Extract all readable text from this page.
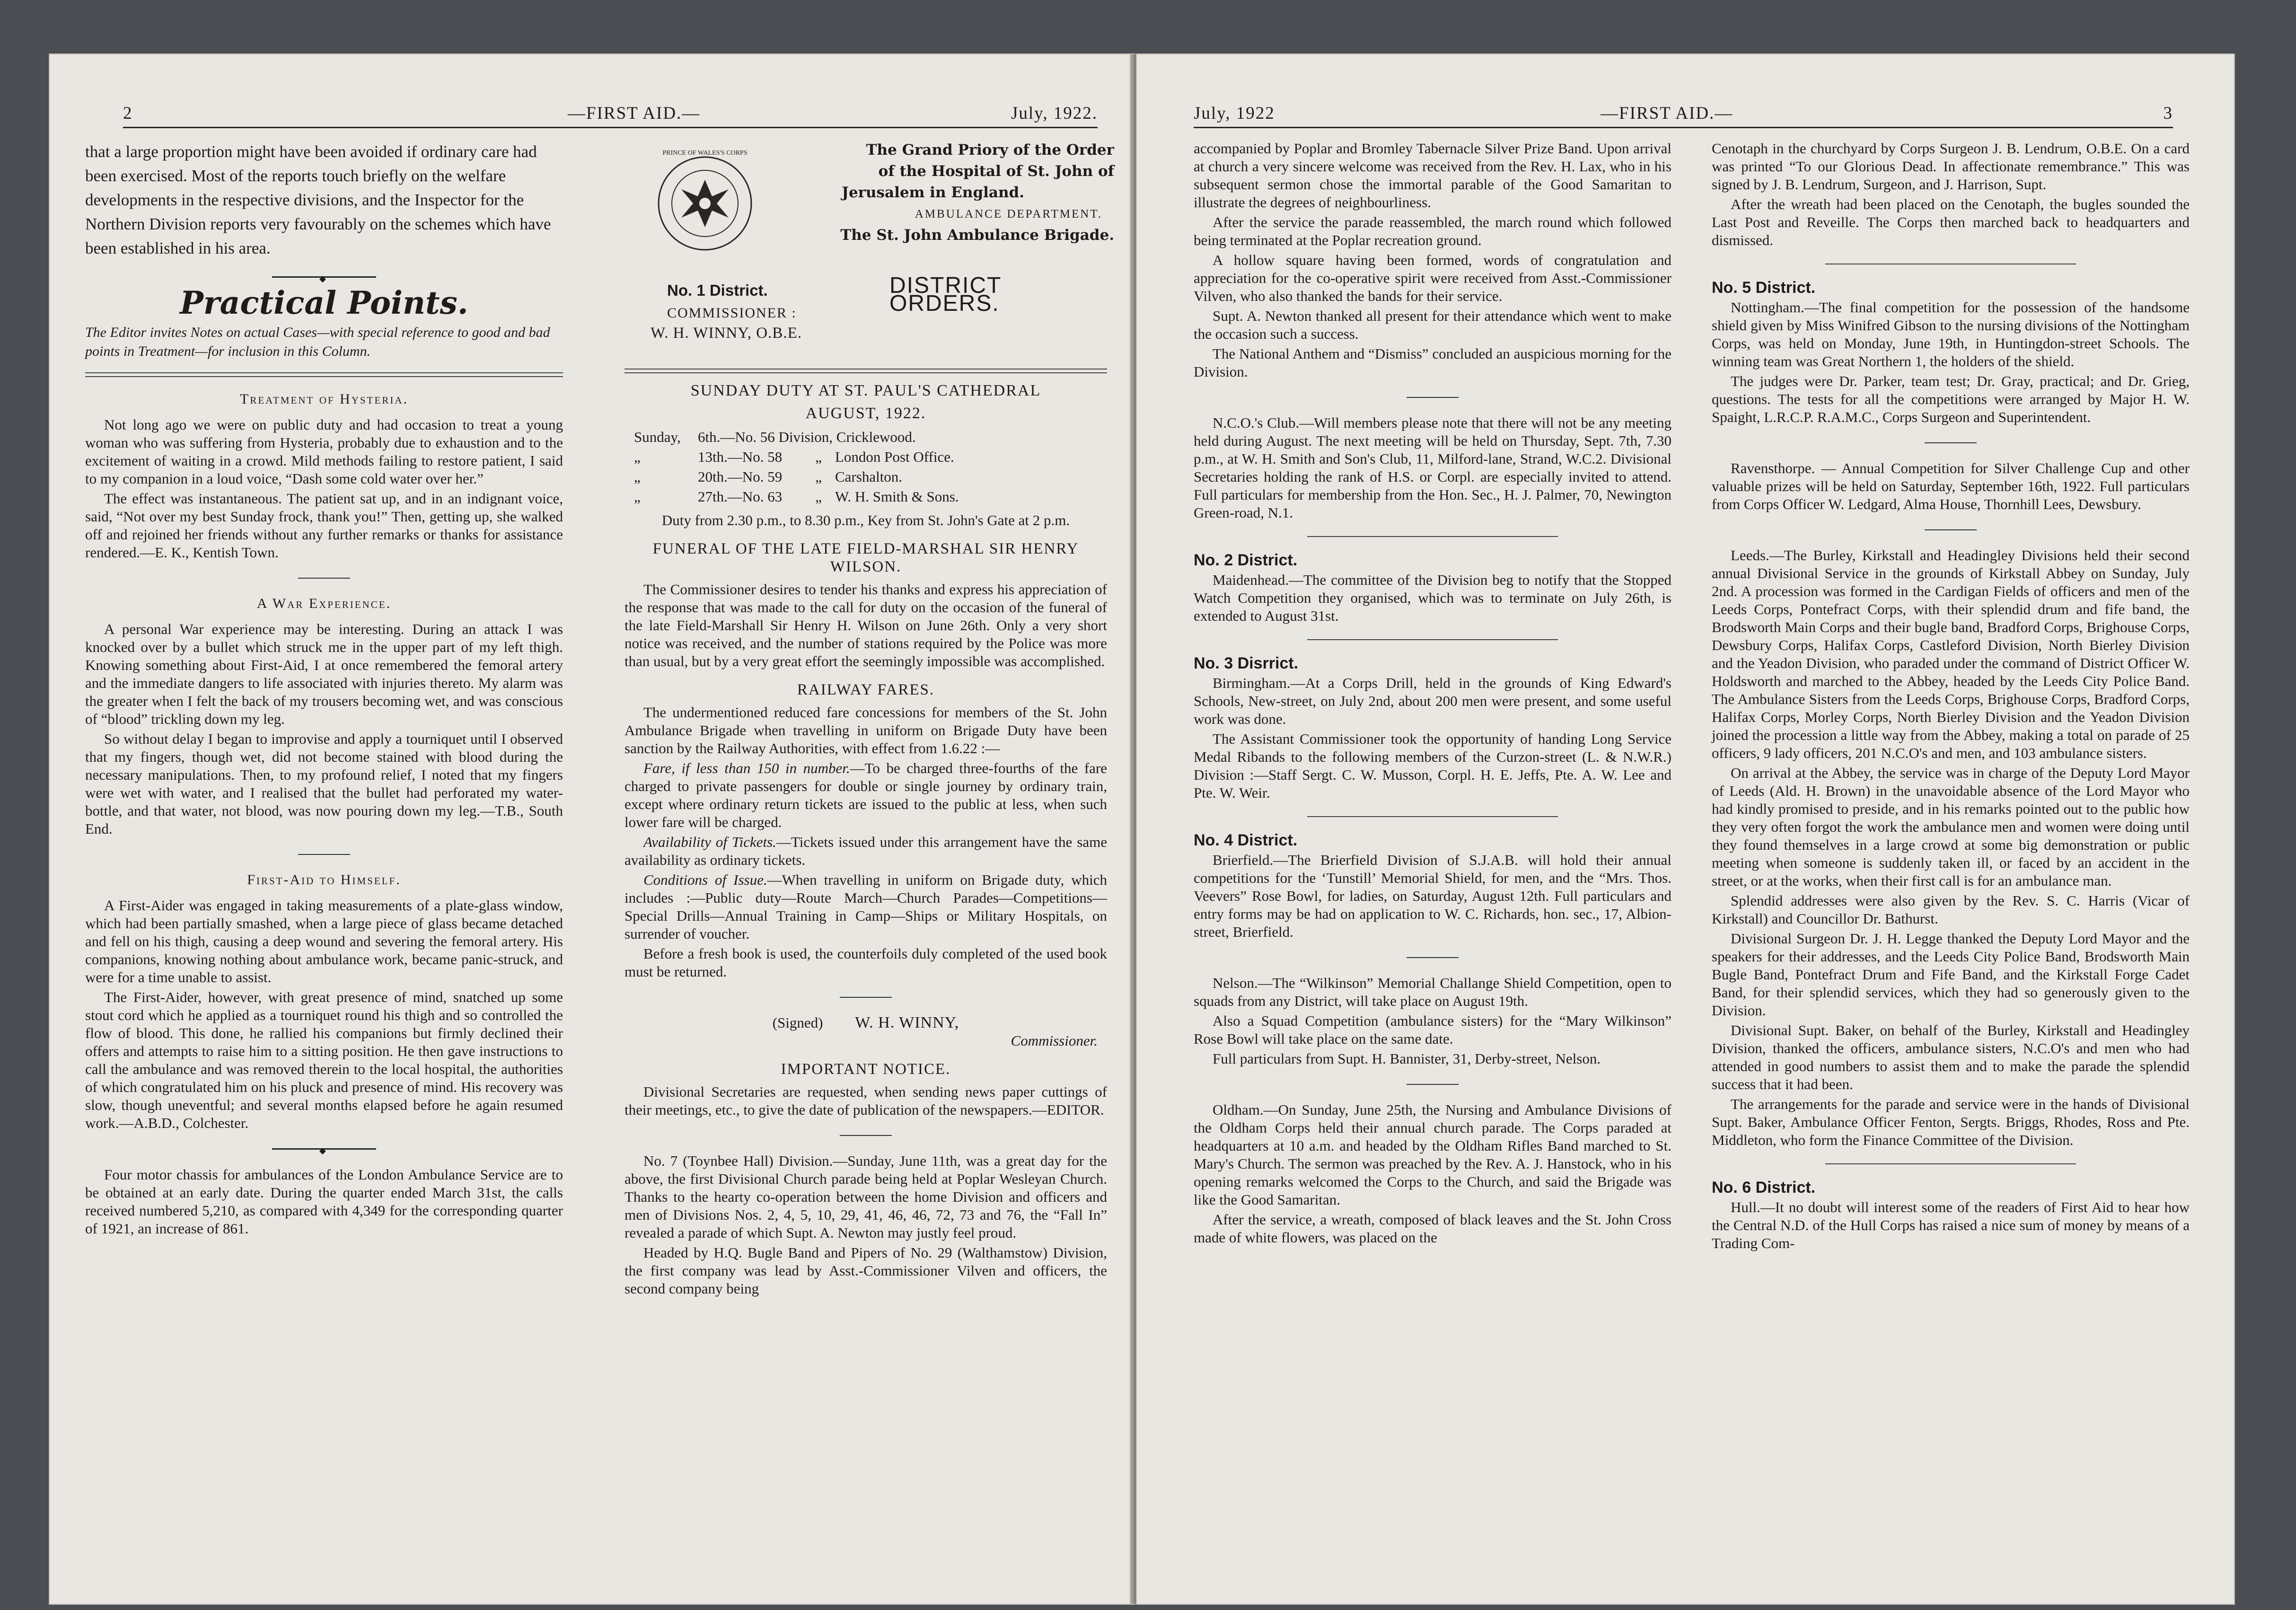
2	—FIRST AID.—	July, 1922.

that a large proportion might have been avoided if ordinary care had been exercised. Most of the reports touch briefly on the welfare developments in the respective divisions, and the Inspector for the Northern Division reports very favourably on the schemes which have been established in his area.

◆
Practical Points.

The Editor invites Notes on actual Cases—with special reference to good and bad points in Treatment—for inclusion in this Column.

Treatment of Hysteria.

Not long ago we were on public duty and had occasion to treat a young woman who was suffering from Hysteria, probably due to exhaustion and to the excitement of waiting in a crowd. Mild methods failing to restore patient, I said to my companion in a loud voice, “Dash some cold water over her.”

The effect was instantaneous. The patient sat up, and in an indignant voice, said, “Not over my best Sunday frock, thank you!” Then, getting up, she walked off and rejoined her friends without any further remarks or thanks for assistance rendered.—E. K., Kentish Town.

A War Experience.

A personal War experience may be interesting. During an attack I was knocked over by a bullet which struck me in the upper part of my left thigh. Knowing something about First-Aid, I at once remembered the femoral artery and the immediate dangers to life associated with injuries thereto. My alarm was the greater when I felt the back of my trousers becoming wet, and was conscious of “blood” trickling down my leg.

So without delay I began to improvise and apply a tourniquet until I observed that my fingers, though wet, did not become stained with blood during the necessary manipulations. Then, to my profound relief, I noted that my fingers were wet with water, and I realised that the bullet had perforated my water-bottle, and that water, not blood, was now pouring down my leg.—T.B., South End.

First-Aid to Himself.

A First-Aider was engaged in taking measurements of a plate-glass window, which had been partially smashed, when a large piece of glass became detached and fell on his thigh, causing a deep wound and severing the femoral artery. His companions, knowing nothing about ambulance work, became panic-struck, and were for a time unable to assist.

The First-Aider, however, with great presence of mind, snatched up some stout cord which he applied as a tourniquet round his thigh and so controlled the flow of blood. This done, he rallied his companions but firmly declined their offers and attempts to raise him to a sitting position. He then gave instructions to call the ambulance and was removed therein to the local hospital, the authorities of which congratulated him on his pluck and presence of mind. His recovery was slow, though uneventful; and several months elapsed before he again resumed work.—A.B.D., Colchester.

◆

Four motor chassis for ambulances of the London Ambulance Service are to be obtained at an early date. During the quarter ended March 31st, the calls received numbered 5,210, as compared with 4,349 for the corresponding quarter of 1921, an increase of 861.

PRINCE OF WALES'S CORPS	The Grand Priory of the Order
of the Hospital of St. John of
Jerusalem in England.
AMBULANCE DEPARTMENT.
The St. John Ambulance Brigade.
No. 1 District.	DISTRICT ORDERS.
COMMISSIONER :
W. H. WINNY, O.B.E.
SUNDAY DUTY AT ST. PAUL'S CATHEDRAL
AUGUST, 1922.
Sunday,	6th.—No. 56 Division, Cricklewood.
„	13th.—No. 58	„ London Post Office.
„	20th.—No. 59	„ Carshalton.
„	27th.—No. 63	„ W. H. Smith & Sons.

Duty from 2.30 p.m., to 8.30 p.m., Key from St. John's Gate at 2 p.m.

FUNERAL OF THE LATE FIELD-MARSHAL SIR HENRY WILSON.

The Commissioner desires to tender his thanks and express his appreciation of the response that was made to the call for duty on the occasion of the funeral of the late Field-Marshall Sir Henry H. Wilson on June 26th. Only a very short notice was received, and the number of stations required by the Police was more than usual, but by a very great effort the seemingly impossible was accomplished.

RAILWAY FARES.

The undermentioned reduced fare concessions for members of the St. John Ambulance Brigade when travelling in uniform on Brigade Duty have been sanction by the Railway Authorities, with effect from 1.6.22 :—

Fare, if less than 150 in number.—To be charged three-fourths of the fare charged to private passengers for double or single journey by ordinary train, except where ordinary return tickets are issued to the public at less, when such lower fare will be charged.

Availability of Tickets.—Tickets issued under this arrangement have the same availability as ordinary tickets.

Conditions of Issue.—When travelling in uniform on Brigade duty, which includes :—Public duty—Route March—Church Parades—Competitions—Special Drills—Annual Training in Camp—Ships or Military Hospitals, on surrender of voucher.

Before a fresh book is used, the counterfoils duly completed of the used book must be returned.

(Signed) W. H. WINNY,
Commissioner.
IMPORTANT NOTICE.

Divisional Secretaries are requested, when sending news paper cuttings of their meetings, etc., to give the date of publication of the newspapers.—EDITOR.

No. 7 (Toynbee Hall) Division.—Sunday, June 11th, was a great day for the above, the first Divisional Church parade being held at Poplar Wesleyan Church. Thanks to the hearty co-operation between the home Division and officers and men of Divisions Nos. 2, 4, 5, 10, 29, 41, 46, 46, 72, 73 and 76, the “Fall In” revealed a parade of which Supt. A. Newton may justly feel proud.

Headed by H.Q. Bugle Band and Pipers of No. 29 (Walthamstow) Division, the first company was lead by Asst.-Commissioner Vilven and officers, the second company being

July, 1922	—FIRST AID.—	3

accompanied by Poplar and Bromley Tabernacle Silver Prize Band. Upon arrival at church a very sincere welcome was received from the Rev. H. Lax, who in his subsequent sermon chose the immortal parable of the Good Samaritan to illustrate the degrees of neighbourliness.

After the service the parade reassembled, the march round which followed being terminated at the Poplar recreation ground.

A hollow square having been formed, words of congratulation and appreciation for the co-operative spirit were received from Asst.-Commissioner Vilven, who also thanked the bands for their service.

Supt. A. Newton thanked all present for their attendance which went to make the occasion such a success.

The National Anthem and “Dismiss” concluded an auspicious morning for the Division.

N.C.O.'s Club.—Will members please note that there will not be any meeting held during August. The next meeting will be held on Thursday, Sept. 7th, 7.30 p.m., at W. H. Smith and Son's Club, 11, Milford-lane, Strand, W.C.2. Divisional Secretaries holding the rank of H.S. or Corpl. are especially invited to attend. Full particulars for membership from the Hon. Sec., H. J. Palmer, 70, Newington Green-road, N.1.

No. 2 District.

Maidenhead.—The committee of the Division beg to notify that the Stopped Watch Competition they organised, which was to terminate on July 26th, is extended to August 31st.

No. 3 Disrrict.

Birmingham.—At a Corps Drill, held in the grounds of King Edward's Schools, New-street, on July 2nd, about 200 men were present, and some useful work was done.

The Assistant Commissioner took the opportunity of handing Long Service Medal Ribands to the following members of the Curzon-street (L. & N.W.R.) Division :—Staff Sergt. C. W. Musson, Corpl. H. E. Jeffs, Pte. A. W. Lee and Pte. W. Weir.

No. 4 District.

Brierfield.—The Brierfield Division of S.J.A.B. will hold their annual competitions for the ‘Tunstill’ Memorial Shield, for men, and the “Mrs. Thos. Veevers” Rose Bowl, for ladies, on Saturday, August 12th. Full particulars and entry forms may be had on application to W. C. Richards, hon. sec., 17, Albion-street, Brierfield.

Nelson.—The “Wilkinson” Memorial Challange Shield Competition, open to squads from any District, will take place on August 19th.

Also a Squad Competition (ambulance sisters) for the “Mary Wilkinson” Rose Bowl will take place on the same date.

Full particulars from Supt. H. Bannister, 31, Derby-street, Nelson.

Oldham.—On Sunday, June 25th, the Nursing and Ambulance Divisions of the Oldham Corps held their annual church parade. The Corps paraded at headquarters at 10 a.m. and headed by the Oldham Rifles Band marched to St. Mary's Church. The sermon was preached by the Rev. A. J. Hanstock, who in his opening remarks welcomed the Corps to the Church, and said the Brigade was like the Good Samaritan.

After the service, a wreath, composed of black leaves and the St. John Cross made of white flowers, was placed on the

Cenotaph in the churchyard by Corps Surgeon J. B. Lendrum, O.B.E. On a card was printed “To our Glorious Dead. In affectionate remembrance.” This was signed by J. B. Lendrum, Surgeon, and J. Harrison, Supt.

After the wreath had been placed on the Cenotaph, the bugles sounded the Last Post and Reveille. The Corps then marched back to headquarters and dismissed.

No. 5 District.

Nottingham.—The final competition for the possession of the handsome shield given by Miss Winifred Gibson to the nursing divisions of the Nottingham Corps, was held on Monday, June 19th, in Huntingdon-street Schools. The winning team was Great Northern 1, the holders of the shield.

The judges were Dr. Parker, team test; Dr. Gray, practical; and Dr. Grieg, questions. The tests for all the competitions were arranged by Major H. W. Spaight, L.R.C.P. R.A.M.C., Corps Surgeon and Superintendent.

Ravensthorpe. — Annual Competition for Silver Challenge Cup and other valuable prizes will be held on Saturday, September 16th, 1922. Full particulars from Corps Officer W. Ledgard, Alma House, Thornhill Lees, Dewsbury.

Leeds.—The Burley, Kirkstall and Headingley Divisions held their second annual Divisional Service in the grounds of Kirkstall Abbey on Sunday, July 2nd. A procession was formed in the Cardigan Fields of officers and men of the Leeds Corps, Pontefract Corps, with their splendid drum and fife band, the Brodsworth Main Corps and their bugle band, Bradford Corps, Brighouse Corps, Dewsbury Corps, Halifax Corps, Castleford Division, North Bierley Division and the Yeadon Division, who paraded under the command of District Officer W. Holdsworth and marched to the Abbey, headed by the Leeds City Police Band. The Ambulance Sisters from the Leeds Corps, Brighouse Corps, Bradford Corps, Halifax Corps, Morley Corps, North Bierley Division and the Yeadon Division joined the procession a little way from the Abbey, making a total on parade of 25 officers, 9 lady officers, 201 N.C.O's and men, and 103 ambulance sisters.

On arrival at the Abbey, the service was in charge of the Deputy Lord Mayor of Leeds (Ald. H. Brown) in the unavoidable absence of the Lord Mayor who had kindly promised to preside, and in his remarks pointed out to the public how they very often forgot the work the ambulance men and women were doing until they found themselves in a large crowd at some big demonstration or public meeting when someone is suddenly taken ill, or faced by an accident in the street, or at the works, when their first call is for an ambulance man.

Splendid addresses were also given by the Rev. S. C. Harris (Vicar of Kirkstall) and Councillor Dr. Bathurst.

Divisional Surgeon Dr. J. H. Legge thanked the Deputy Lord Mayor and the speakers for their addresses, and the Leeds City Police Band, Brodsworth Main Bugle Band, Pontefract Drum and Fife Band, and the Kirkstall Forge Cadet Band, for their splendid services, which they had so generously given to the Division.

Divisional Supt. Baker, on behalf of the Burley, Kirkstall and Headingley Division, thanked the officers, ambulance sisters, N.C.O's and men who had attended in good numbers to assist them and to make the parade the splendid success that it had been.

The arrangements for the parade and service were in the hands of Divisional Supt. Baker, Ambulance Officer Fenton, Sergts. Briggs, Rhodes, Ross and Pte. Middleton, who form the Finance Committee of the Division.

No. 6 District.

Hull.—It no doubt will interest some of the readers of First Aid to hear how the Central N.D. of the Hull Corps has raised a nice sum of money by means of a Trading Com-
